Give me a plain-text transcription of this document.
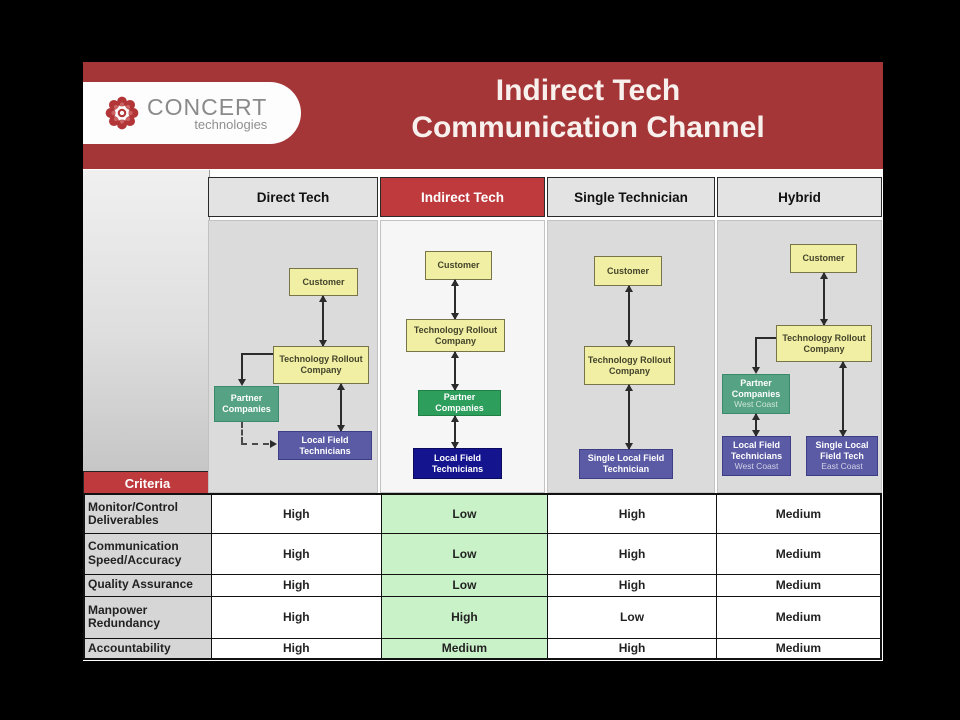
CONCERT
technologies
Indirect Tech
Communication Channel
Criteria
Direct Tech	Indirect Tech	Single Technician	Hybrid
Customer
Technology Rollout Company
Partner Companies
Local Field Technicians
Customer
Technology Rollout Company
Partner Companies
Local Field Technicians
Customer
Technology Rollout Company
Single Local Field Technician
Customer
Technology Rollout Company
Partner Companies
West Coast
Local Field Technicians
West Coast
Single Local Field Tech
East Coast
Monitor/Control Deliverables	High	Low	High	Medium
Communication Speed/Accuracy	High	Low	High	Medium
Quality Assurance	High	Low	High	Medium
Manpower Redundancy	High	High	Low	Medium
Accountability	High	Medium	High	Medium
